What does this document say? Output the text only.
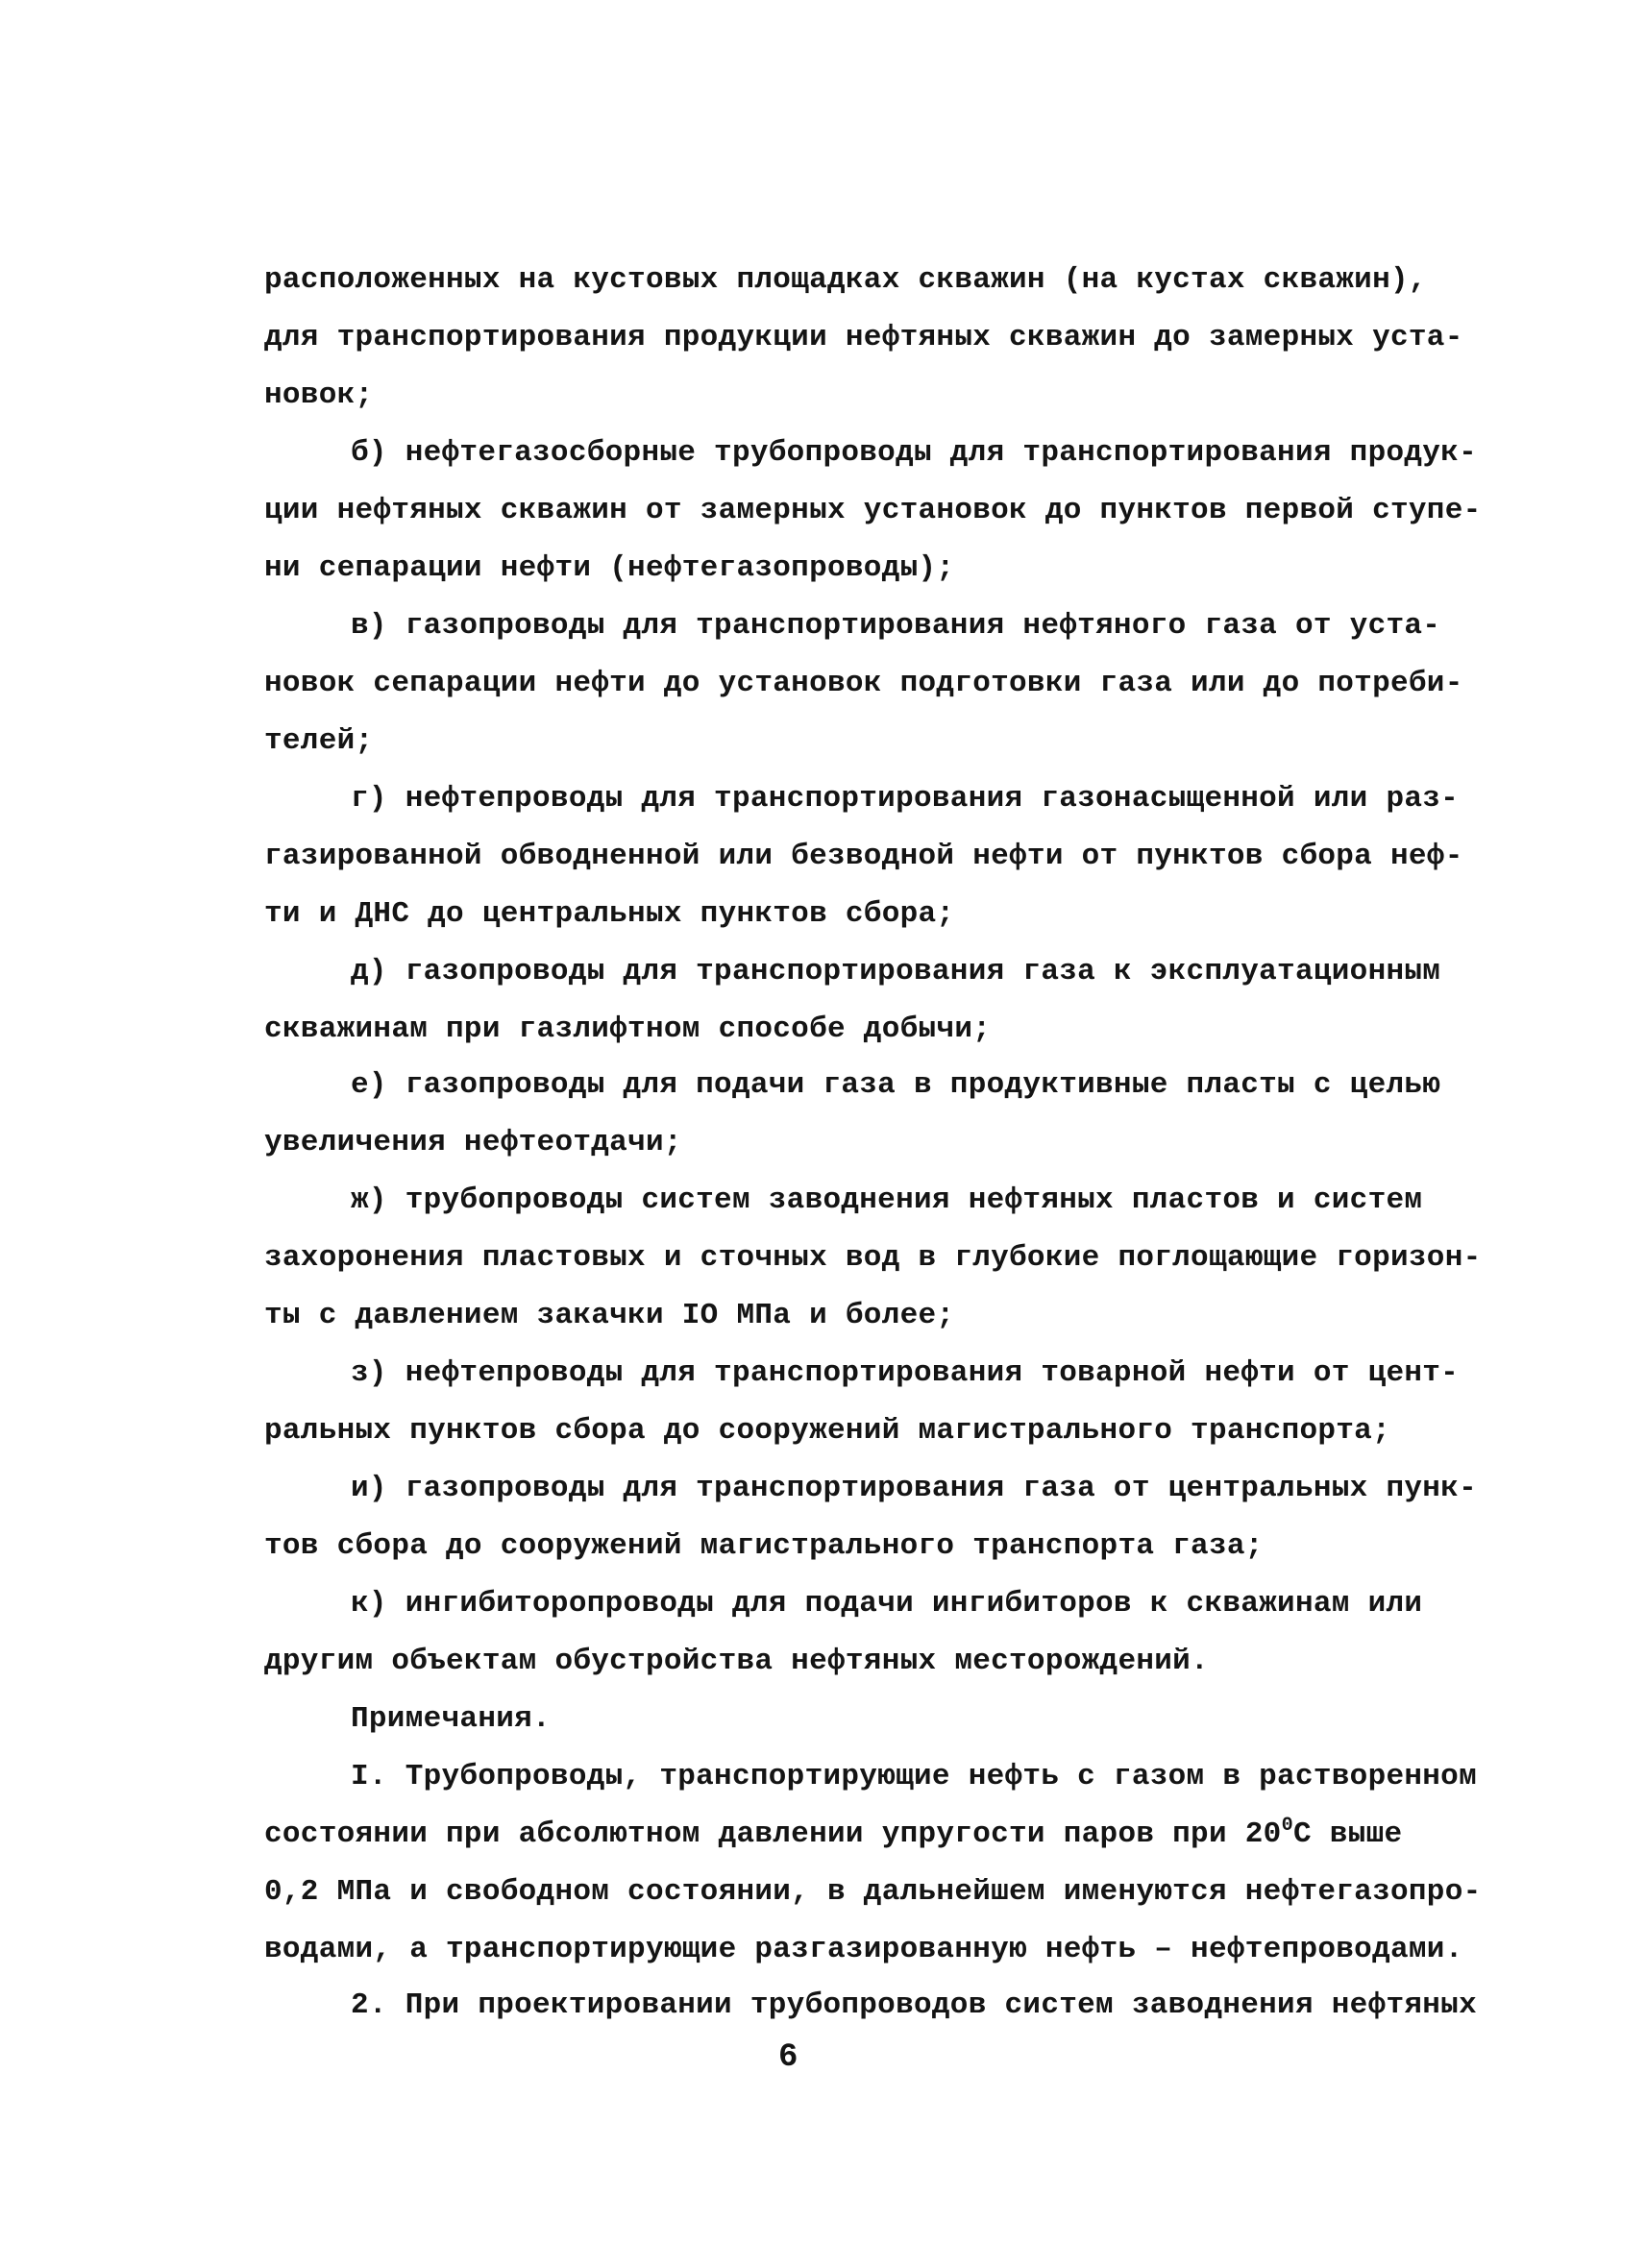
расположенных на кустовых площадках скважин (на кустах скважин),
для транспортирования продукции нефтяных скважин до замерных уста-
новок;
б) нефтегазосборные трубопроводы для транспортирования продук-
ции нефтяных скважин от замерных установок до пунктов первой ступе-
ни сепарации нефти (нефтегазопроводы);
в) газопроводы для транспортирования нефтяного газа от уста-
новок сепарации нефти до установок подготовки газа или до потреби-
телей;
г) нефтепроводы для транспортирования газонасыщенной или раз-
газированной обводненной или безводной нефти от пунктов сбора неф-
ти и ДНС до центральных пунктов сбора;
д) газопроводы для транспортирования газа к эксплуатационным
скважинам при газлифтном способе добычи;
е) газопроводы для подачи газа в продуктивные пласты с целью
увеличения нефтеотдачи;
ж) трубопроводы систем заводнения нефтяных пластов и систем
захоронения пластовых и сточных вод в глубокие поглощающие горизон-
ты с давлением закачки IO МПа и более;
з) нефтепроводы для транспортирования товарной нефти от цент-
ральных пунктов сбора до сооружений магистрального транспорта;
и) газопроводы для транспортирования газа от центральных пунк-
тов сбора до сооружений магистрального транспорта газа;
к) ингибиторопроводы для подачи ингибиторов к скважинам или
другим объектам обустройства нефтяных месторождений.
Примечания.
I. Трубопроводы, транспортирующие нефть с газом в растворенном
состоянии при абсолютном давлении упругости паров при $20^0С$ выше
0,2 МПа и свободном состоянии, в дальнейшем именуются нефтегазопро-
водами, а транспортирующие разгазированную нефть – нефтепроводами.
2. При проектировании трубопроводов систем заводнения нефтяных
6
